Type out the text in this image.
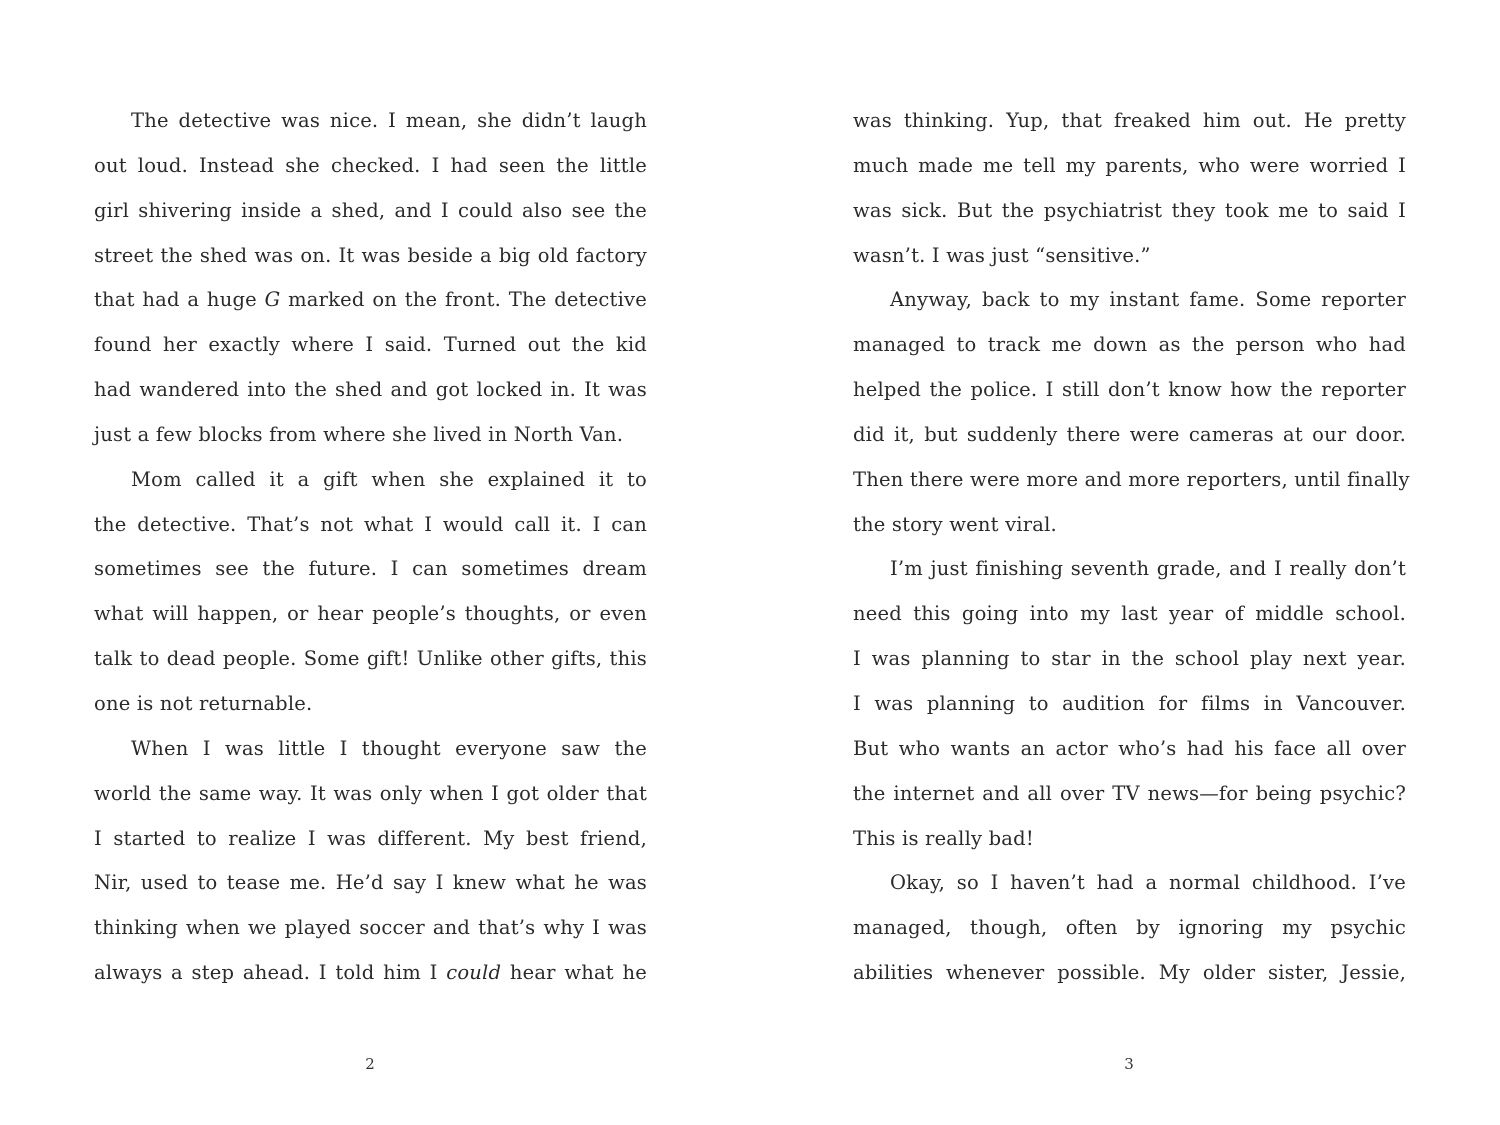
The detective was nice. I mean, she didn’t laugh
out loud. Instead she checked. I had seen the little
girl shivering inside a shed, and I could also see the
street the shed was on. It was beside a big old factory
that had a huge G marked on the front. The detective
found her exactly where I said. Turned out the kid
had wandered into the shed and got locked in. It was
just a few blocks from where she lived in North Van.
Mom called it a gift when she explained it to
the detective. That’s not what I would call it. I can
sometimes see the future. I can sometimes dream
what will happen, or hear people’s thoughts, or even
talk to dead people. Some gift! Unlike other gifts, this
one is not returnable.
When I was little I thought everyone saw the
world the same way. It was only when I got older that
I started to realize I was different. My best friend,
Nir, used to tease me. He’d say I knew what he was
thinking when we played soccer and that’s why I was
always a step ahead. I told him I could hear what he
2
was thinking. Yup, that freaked him out. He pretty
much made me tell my parents, who were worried I
was sick. But the psychiatrist they took me to said I
wasn’t. I was just “sensitive.”
Anyway, back to my instant fame. Some reporter
managed to track me down as the person who had
helped the police. I still don’t know how the reporter
did it, but suddenly there were cameras at our door.
Then there were more and more reporters, until finally
the story went viral.
I’m just finishing seventh grade, and I really don’t
need this going into my last year of middle school.
I was planning to star in the school play next year.
I was planning to audition for films in Vancouver.
But who wants an actor who’s had his face all over
the internet and all over TV news—for being psychic?
This is really bad!
Okay, so I haven’t had a normal childhood. I’ve
managed, though, often by ignoring my psychic
abilities whenever possible. My older sister, Jessie,
3
